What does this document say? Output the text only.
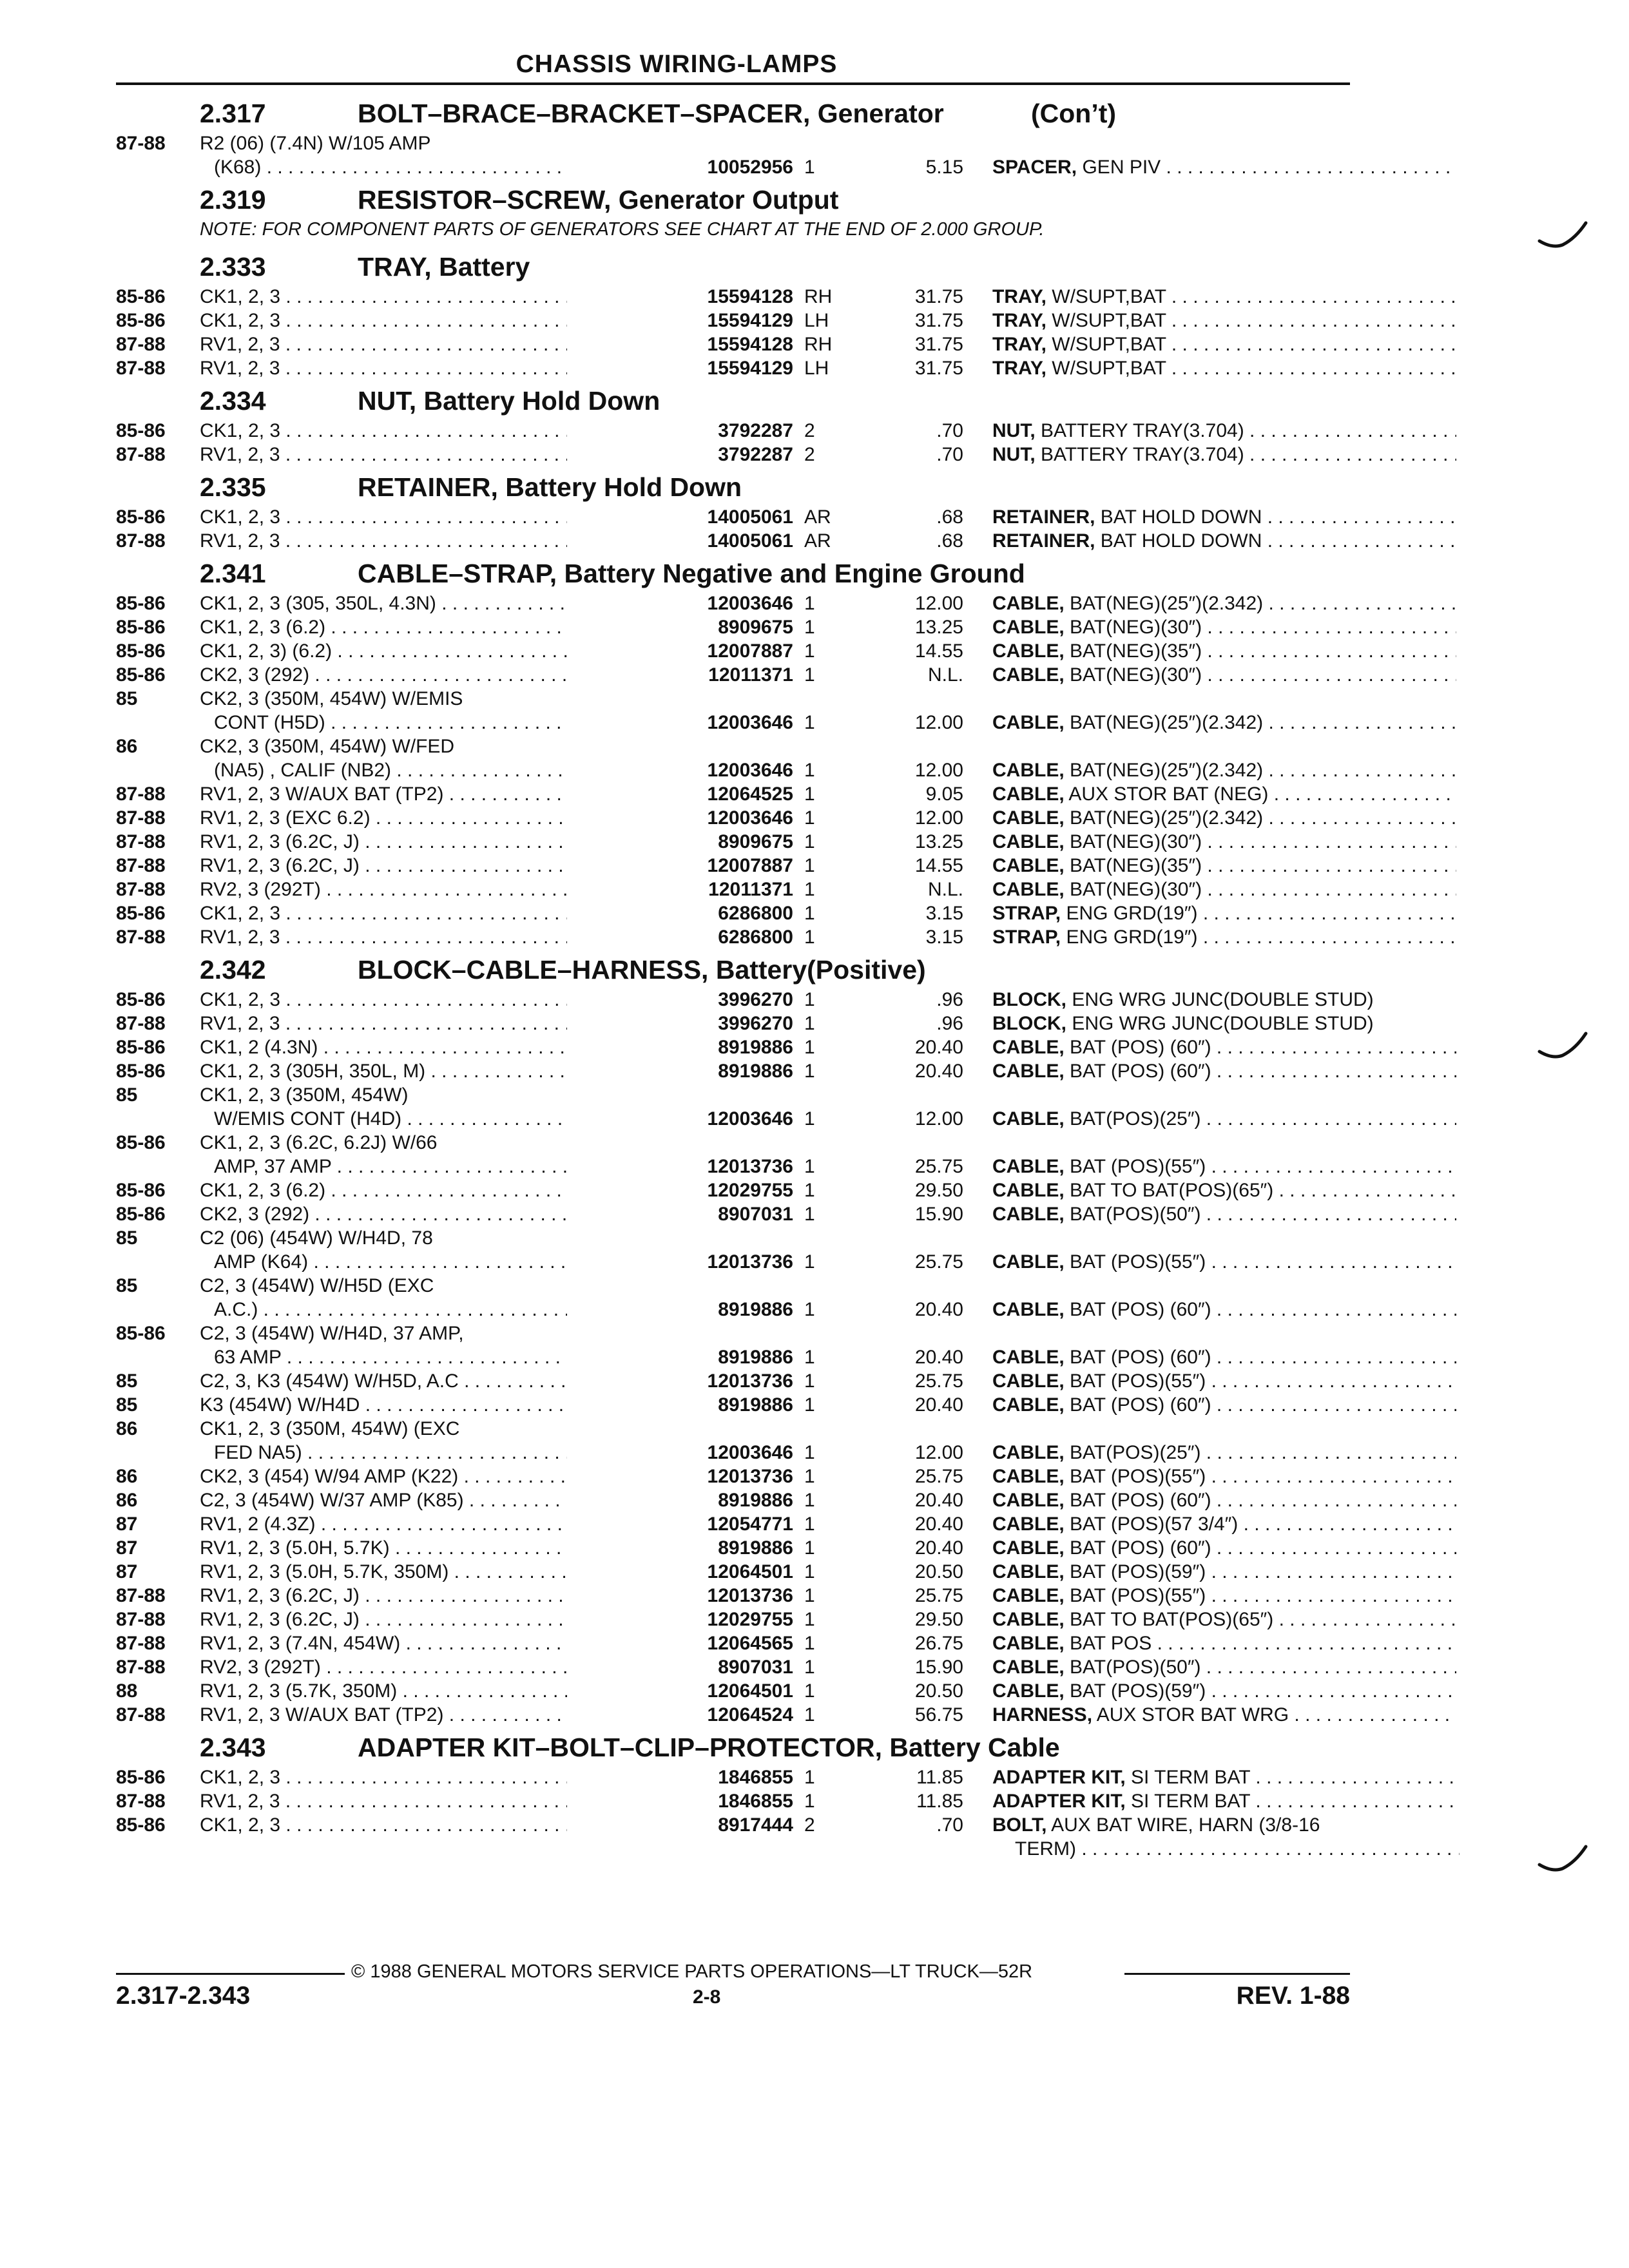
CHASSIS WIRING-LAMPS
2.317	BOLT–BRACE–BRACKET–SPACER, Generator	(Con’t)
87-88 R2 (06) (7.4N) W/105 AMP
(K68) . . .	10052956 1	5.15 SPACER, GEN PIV . . .
2.319	RESISTOR–SCREW, Generator Output
NOTE: FOR COMPONENT PARTS OF GENERATORS SEE CHART AT THE END OF 2.000 GROUP.
2.333	TRAY, Battery
85-86 CK1, 2, 3 . . .	15594128 RH	31.75 TRAY, W/SUPT,BAT . . .
85-86 CK1, 2, 3 . . .	15594129 LH	31.75 TRAY, W/SUPT,BAT . . .
87-88 RV1, 2, 3 . . .	15594128 RH	31.75 TRAY, W/SUPT,BAT . . .
87-88 RV1, 2, 3 . . .	15594129 LH	31.75 TRAY, W/SUPT,BAT . . .
2.334	NUT, Battery Hold Down
85-86 CK1, 2, 3 . . .	3792287 2	.70 NUT, BATTERY TRAY(3.704) . . .
87-88 RV1, 2, 3 . . .	3792287 2	.70 NUT, BATTERY TRAY(3.704) . . .
2.335	RETAINER, Battery Hold Down
85-86 CK1, 2, 3 . . .	14005061 AR	.68 RETAINER, BAT HOLD DOWN . . .
87-88 RV1, 2, 3 . . .	14005061 AR	.68 RETAINER, BAT HOLD DOWN . . .
2.341	CABLE–STRAP, Battery Negative and Engine Ground
85-86 CK1, 2, 3 (305, 350L, 4.3N) . . .	12003646 1	12.00 CABLE, BAT(NEG)(25″)(2.342) . . .
85-86 CK1, 2, 3 (6.2) . . .	8909675 1	13.25 CABLE, BAT(NEG)(30″) . . .
85-86 CK1, 2, 3) (6.2) . . .	12007887 1	14.55 CABLE, BAT(NEG)(35″) . . .
85-86 CK2, 3 (292) . . .	12011371 1	N.L. CABLE, BAT(NEG)(30″) . . .
85	CK2, 3 (350M, 454W) W/EMIS
CONT (H5D) . . .	12003646 1	12.00 CABLE, BAT(NEG)(25″)(2.342) . . .
86	CK2, 3 (350M, 454W) W/FED
(NA5) , CALIF (NB2) . . .	12003646 1	12.00 CABLE, BAT(NEG)(25″)(2.342) . . .
87-88 RV1, 2, 3 W/AUX BAT (TP2) . . .	12064525 1	9.05 CABLE, AUX STOR BAT (NEG) . . .
87-88 RV1, 2, 3 (EXC 6.2) . . .	12003646 1	12.00 CABLE, BAT(NEG)(25″)(2.342) . . .
87-88 RV1, 2, 3 (6.2C, J) . . .	8909675 1	13.25 CABLE, BAT(NEG)(30″) . . .
87-88 RV1, 2, 3 (6.2C, J) . . .	12007887 1	14.55 CABLE, BAT(NEG)(35″) . . .
87-88 RV2, 3 (292T) . . .	12011371 1	N.L. CABLE, BAT(NEG)(30″) . . .
85-86 CK1, 2, 3 . . .	6286800 1	3.15 STRAP, ENG GRD(19″) . . .
87-88 RV1, 2, 3 . . .	6286800 1	3.15 STRAP, ENG GRD(19″) . . .
2.342	BLOCK–CABLE–HARNESS, Battery(Positive)
85-86 CK1, 2, 3 . . .	3996270 1	.96 BLOCK, ENG WRG JUNC(DOUBLE STUD)
87-88 RV1, 2, 3 . . .	3996270 1	.96 BLOCK, ENG WRG JUNC(DOUBLE STUD)
85-86 CK1, 2 (4.3N) . . .	8919886 1	20.40 CABLE, BAT (POS) (60″) . . .
85-86 CK1, 2, 3 (305H, 350L, M) . . .	8919886 1	20.40 CABLE, BAT (POS) (60″) . . .
85	CK1, 2, 3 (350M, 454W)
W/EMIS CONT (H4D) . . .	12003646 1	12.00 CABLE, BAT(POS)(25″) . . .
85-86 CK1, 2, 3 (6.2C, 6.2J) W/66
AMP, 37 AMP . . .	12013736 1	25.75 CABLE, BAT (POS)(55″) . . .
85-86 CK1, 2, 3 (6.2) . . .	12029755 1	29.50 CABLE, BAT TO BAT(POS)(65″) . . .
85-86 CK2, 3 (292) . . .	8907031 1	15.90 CABLE, BAT(POS)(50″) . . .
85	C2 (06) (454W) W/H4D, 78
AMP (K64) . . .	12013736 1	25.75 CABLE, BAT (POS)(55″) . . .
85	C2, 3 (454W) W/H5D (EXC
A.C.) . . .	8919886 1	20.40 CABLE, BAT (POS) (60″) . . .
85-86 C2, 3 (454W) W/H4D, 37 AMP,
63 AMP . . .	8919886 1	20.40 CABLE, BAT (POS) (60″) . . .
85	C2, 3, K3 (454W) W/H5D, A.C . . .	12013736 1	25.75 CABLE, BAT (POS)(55″) . . .
85	K3 (454W) W/H4D . . .	8919886 1	20.40 CABLE, BAT (POS) (60″) . . .
86	CK1, 2, 3 (350M, 454W) (EXC
FED NA5) . . .	12003646 1	12.00 CABLE, BAT(POS)(25″) . . .
86	CK2, 3 (454) W/94 AMP (K22) . . .	12013736 1	25.75 CABLE, BAT (POS)(55″) . . .
86	C2, 3 (454W) W/37 AMP (K85) . . .	8919886 1	20.40 CABLE, BAT (POS) (60″) . . .
87	RV1, 2 (4.3Z) . . .	12054771 1	20.40 CABLE, BAT (POS)(57 3/4″) . . .
87	RV1, 2, 3 (5.0H, 5.7K) . . .	8919886 1	20.40 CABLE, BAT (POS) (60″) . . .
87	RV1, 2, 3 (5.0H, 5.7K, 350M) . . .	12064501 1	20.50 CABLE, BAT (POS)(59″) . . .
87-88 RV1, 2, 3 (6.2C, J) . . .	12013736 1	25.75 CABLE, BAT (POS)(55″) . . .
87-88 RV1, 2, 3 (6.2C, J) . . .	12029755 1	29.50 CABLE, BAT TO BAT(POS)(65″) . . .
87-88 RV1, 2, 3 (7.4N, 454W) . . .	12064565 1	26.75 CABLE, BAT POS . . .
87-88 RV2, 3 (292T) . . .	8907031 1	15.90 CABLE, BAT(POS)(50″) . . .
88	RV1, 2, 3 (5.7K, 350M) . . .	12064501 1	20.50 CABLE, BAT (POS)(59″) . . .
87-88 RV1, 2, 3 W/AUX BAT (TP2) . . .	12064524 1	56.75 HARNESS, AUX STOR BAT WRG . . .
2.343	ADAPTER KIT–BOLT–CLIP–PROTECTOR, Battery Cable
85-86 CK1, 2, 3 . . .	1846855 1	11.85 ADAPTER KIT, SI TERM BAT . . .
87-88 RV1, 2, 3 . . .	1846855 1	11.85 ADAPTER KIT, SI TERM BAT . . .
85-86 CK1, 2, 3 . . .	8917444 2	.70 BOLT, AUX BAT WIRE, HARN (3/8-16
TERM) . . .
© 1988 GENERAL MOTORS SERVICE PARTS OPERATIONS—LT TRUCK—52R
2.317-2.343	2-8	REV. 1-88
